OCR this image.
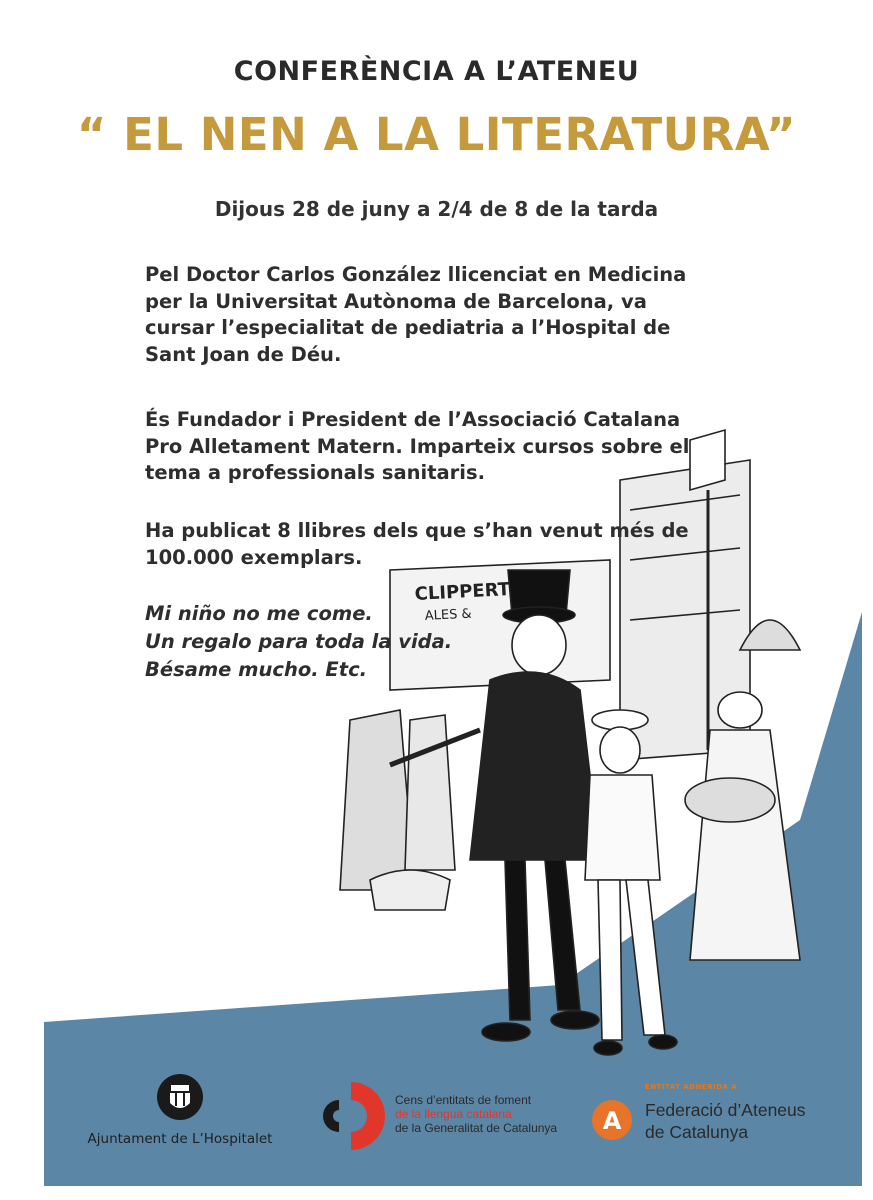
CONFERÈNCIA A L’ATENEU
“ EL NEN A LA LITERATURA”
Dijous 28 de juny a 2/4 de 8 de la tarda
CLIPPERT
ALES &
Pel Doctor Carlos González llicenciat en Medicina
per la Universitat Autònoma de Barcelona, va
cursar l’especialitat de pediatria a l’Hospital de
Sant Joan de Déu.
És Fundador i President de l’Associació Catalana
Pro Alletament Matern. Imparteix cursos sobre el
tema a professionals sanitaris.
Ha publicat 8 llibres dels que s’han venut més de
100.000 exemplars.
Mi niño no me come.
Un regalo para toda la vida.
Bésame mucho. Etc.
Ajuntament de L’Hospitalet
Cens d’entitats de foment
de la llengua catalana
de la Generalitat de Catalunya A
ENTITAT ADHERIDA A
Federació d’Ateneus
de Catalunya
